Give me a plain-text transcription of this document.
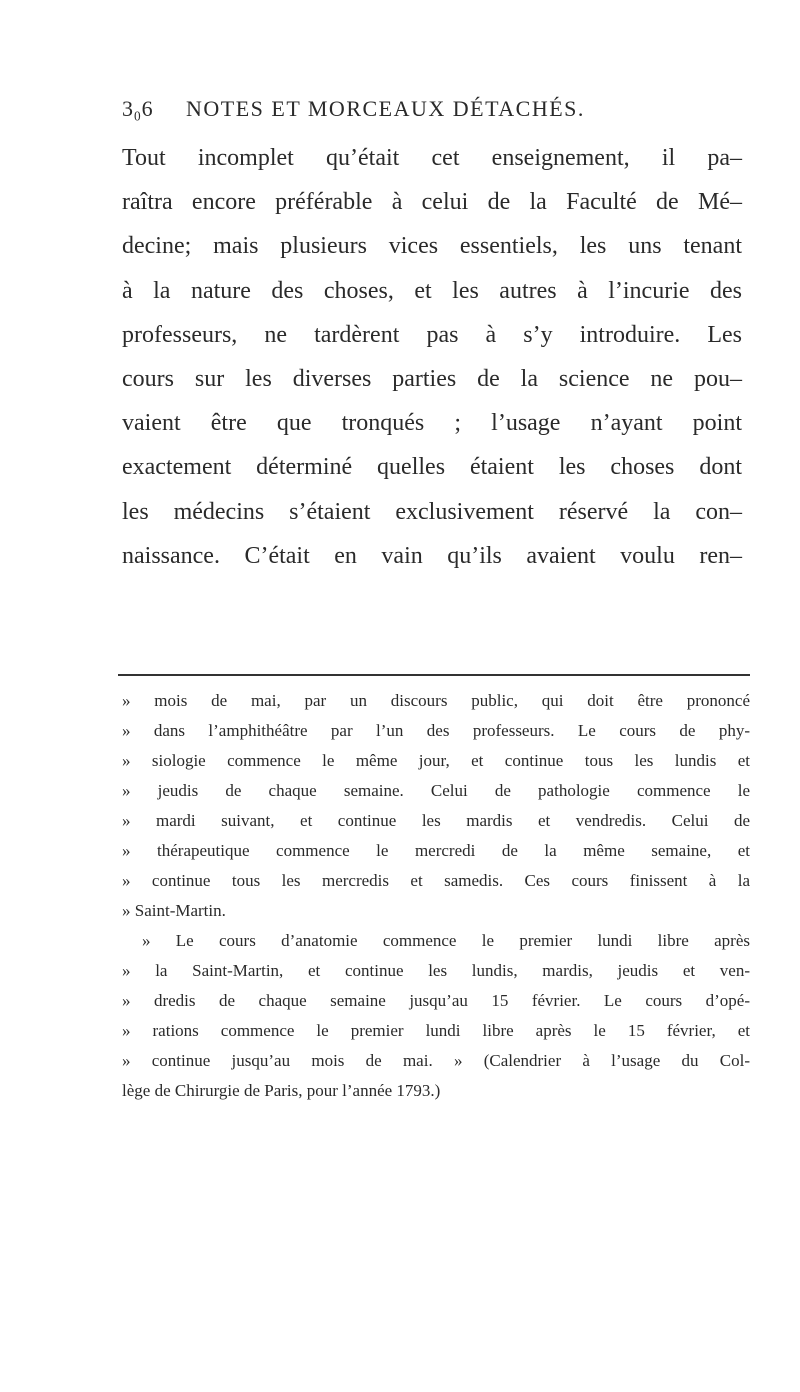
3₀6 NOTES ET MORCEAUX DÉTACHÉS.
Tout incomplet qu’était cet enseignement, il pa–
raîtra encore préférable à celui de la Faculté de Mé–
decine; mais plusieurs vices essentiels, les uns tenant
à la nature des choses, et les autres à l’incurie des
professeurs, ne tardèrent pas à s’y introduire. Les
cours sur les diverses parties de la science ne pou–
vaient être que tronqués ; l’usage n’ayant point
exactement déterminé quelles étaient les choses dont
les médecins s’étaient exclusivement réservé la con–
naissance. C’était en vain qu’ils avaient voulu ren–
» mois de mai, par un discours public, qui doit être prononcé
» dans l’amphithéâtre par l’un des professeurs. Le cours de phy-
» siologie commence le même jour, et continue tous les lundis et
» jeudis de chaque semaine. Celui de pathologie commence le
» mardi suivant, et continue les mardis et vendredis. Celui de
» thérapeutique commence le mercredi de la même semaine, et
» continue tous les mercredis et samedis. Ces cours finissent à la
» Saint-Martin.
» Le cours d’anatomie commence le premier lundi libre après
» la Saint-Martin, et continue les lundis, mardis, jeudis et ven-
» dredis de chaque semaine jusqu’au 15 février. Le cours d’opé-
» rations commence le premier lundi libre après le 15 février, et
» continue jusqu’au mois de mai. » (Calendrier à l’usage du Col-
lège de Chirurgie de Paris, pour l’année 1793.)
